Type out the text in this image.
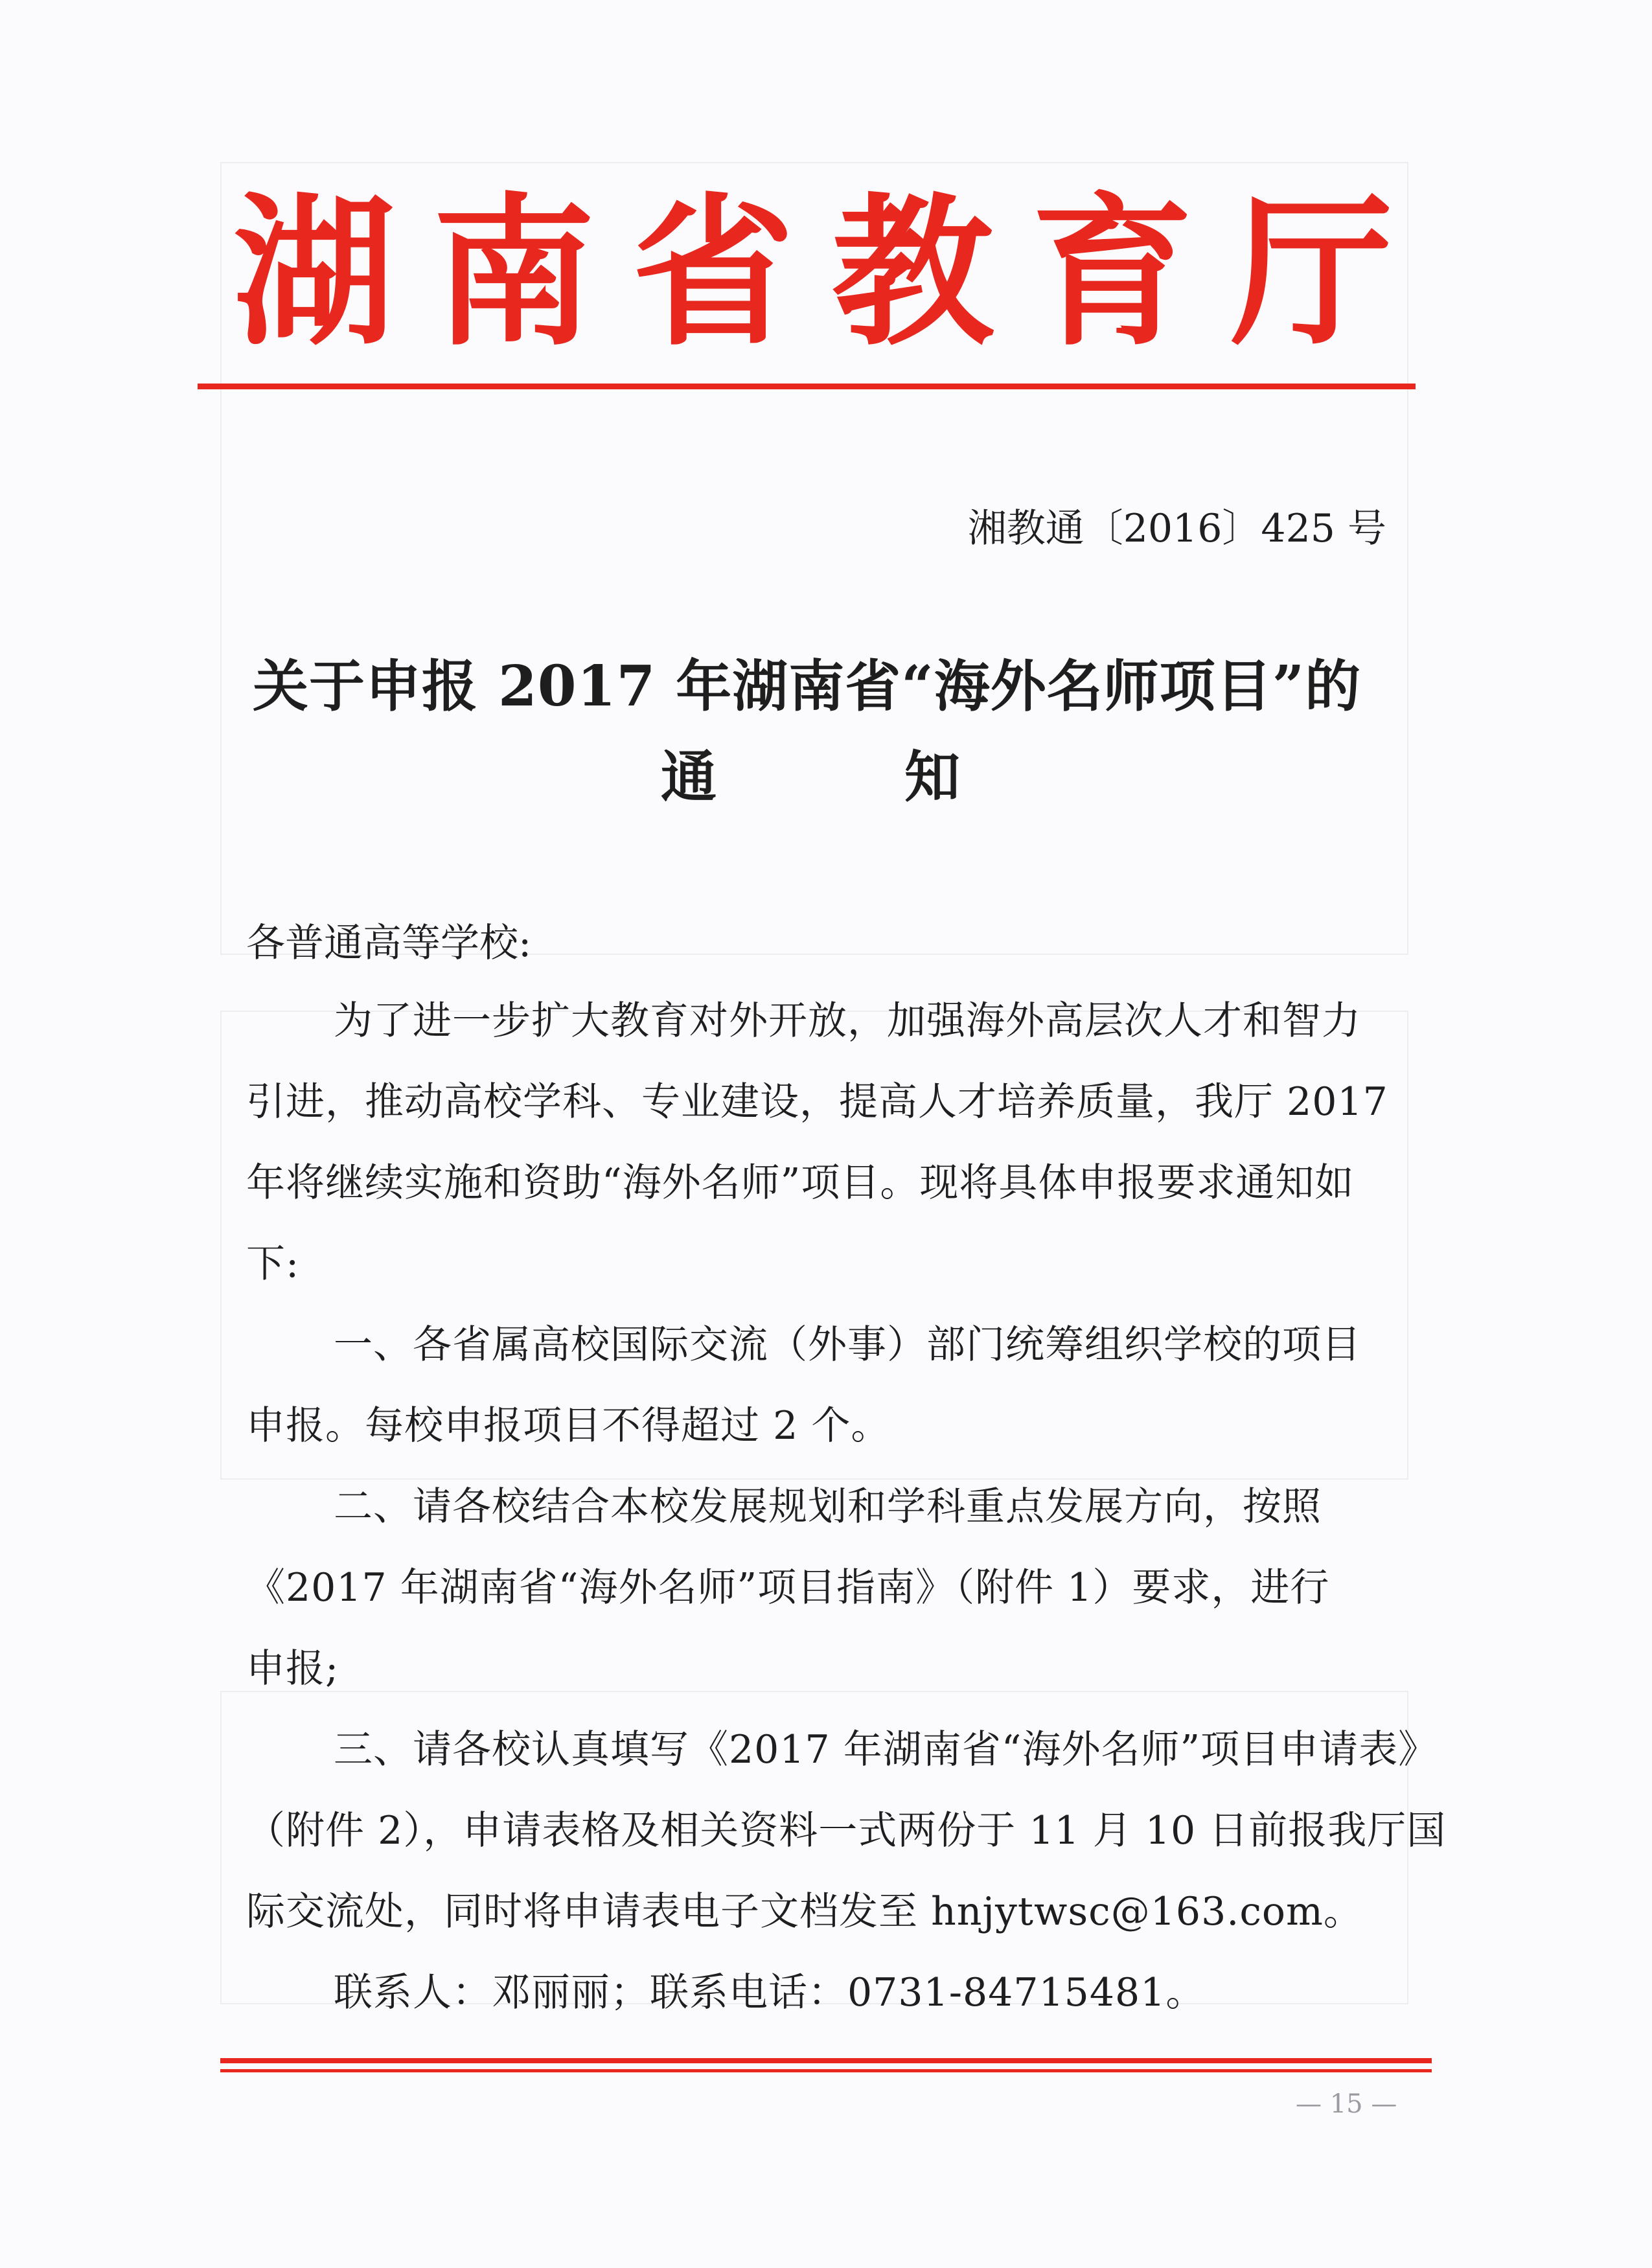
湖 南 省 教 育 厅
湘教通〔2016〕425 号
关于申报 2017 年湖南省“海外名师项目”的
通知
各普通高等学校:
为了进一步扩大教育对外开放，加强海外高层次人才和智力
引进，推动高校学科、专业建设，提高人才培养质量，我厅 2017
年将继续实施和资助“海外名师”项目。现将具体申报要求通知如
下:
一、各省属高校国际交流（外事）部门统筹组织学校的项目
申报。每校申报项目不得超过 2 个。
二、请各校结合本校发展规划和学科重点发展方向，按照
《2017 年湖南省“海外名师”项目指南》（附件 1）要求，进行
申报;
三、请各校认真填写《2017 年湖南省“海外名师”项目申请表》
（附件 2），申请表格及相关资料一式两份于 11 月 10 日前报我厅国
际交流处，同时将申请表电子文档发至 hnjytwsc@163.com。
联系人：邓丽丽；联系电话：0731-84715481。
— 15 —
